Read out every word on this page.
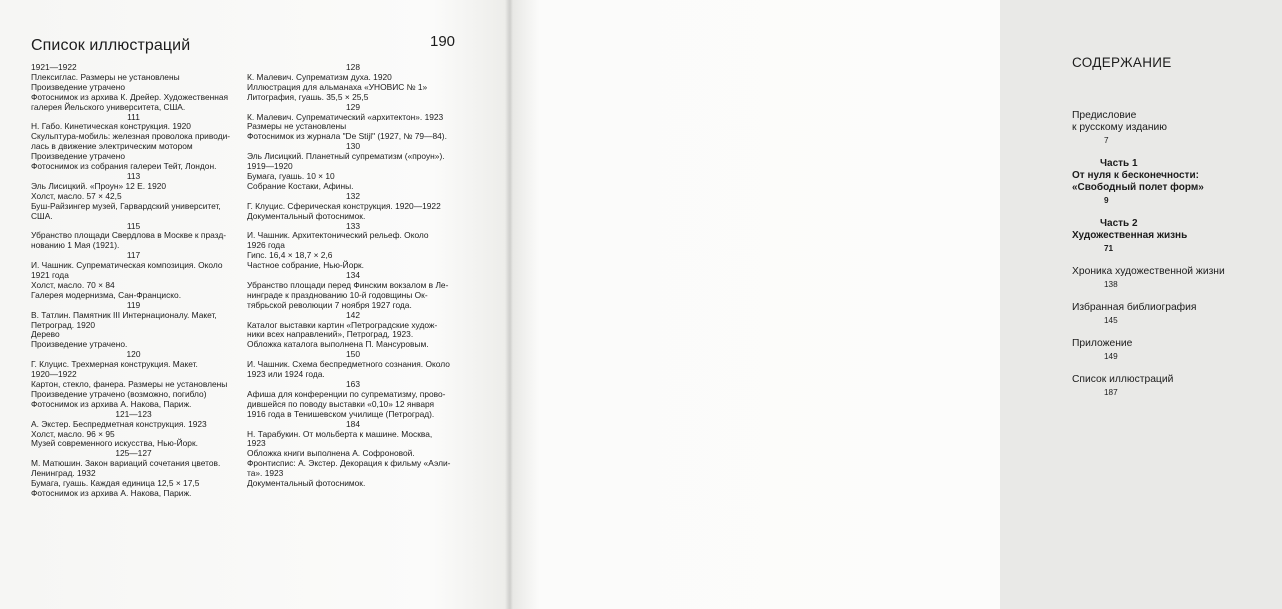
Список иллюстраций	190
1921—1922
Плексиглас. Размеры не установлены
Произведение утрачено
Фотоснимок из архива К. Дрейер. Художественная
галерея Йельского университета, США.
111
Н. Габо. Кинетическая конструкция. 1920
Скульптура-мобиль: железная проволока приводи-
лась в движение электрическим мотором
Произведение утрачено
Фотоснимок из собрания галереи Тейт, Лондон.
113
Эль Лисицкий. «Проун» 12 Е. 1920
Холст, масло. 57 × 42,5
Буш-Райзингер музей, Гарвардский университет,
США.
115
Убранство площади Свердлова в Москве к празд-
нованию 1 Мая (1921).
117
И. Чашник. Супрематическая композиция. Около
1921 года
Холст, масло. 70 × 84
Галерея модернизма, Сан-Франциско.
119
В. Татлин. Памятник III Интернационалу. Макет,
Петроград. 1920
Дерево
Произведение утрачено.
120
Г. Клуцис. Трехмерная конструкция. Макет.
1920—1922
Картон, стекло, фанера. Размеры не установлены
Произведение утрачено (возможно, погибло)
Фотоснимок из архива А. Накова, Париж.
121—123
А. Экстер. Беспредметная конструкция. 1923
Холст, масло. 96 × 95
Музей современного искусства, Нью-Йорк.
125—127
М. Матюшин. Закон вариаций сочетания цветов.
Ленинград. 1932
Бумага, гуашь. Каждая единица 12,5 × 17,5
Фотоснимок из архива А. Накова, Париж.
128
К. Малевич. Супрематизм духа. 1920
Иллюстрация для альманаха «УНОВИС № 1»
Литография, гуашь. 35,5 × 25,5
129
К. Малевич. Супрематический «архитектон». 1923
Размеры не установлены
Фотоснимок из журнала "De Stijl" (1927, № 79—84).
130
Эль Лисицкий. Планетный супрематизм («проун»).
1919—1920
Бумага, гуашь. 10 × 10
Собрание Костаки, Афины.
132
Г. Клуцис. Сферическая конструкция. 1920—1922
Документальный фотоснимок.
133
И. Чашник. Архитектонический рельеф. Около
1926 года
Гипс. 16,4 × 18,7 × 2,6
Частное собрание, Нью-Йорк.
134
Убранство площади перед Финским вокзалом в Ле-
нинграде к празднованию 10-й годовщины Ок-
тябрьской революции 7 ноября 1927 года.
142
Каталог выставки картин «Петроградские худож-
ники всех направлений», Петроград, 1923.
Обложка каталога выполнена П. Мансуровым.
150
И. Чашник. Схема беспредметного сознания. Около
1923 или 1924 года.
163
Афиша для конференции по супрематизму, прово-
дившейся по поводу выставки «0,10» 12 января
1916 года в Тенишевском училище (Петроград).
184
Н. Тарабукин. От мольберта к машине. Москва,
1923
Обложка книги выполнена А. Софроновой.
Фронтиспис: А. Экстер. Декорация к фильму «Аэли-
та». 1923
Документальный фотоснимок.
СОДЕРЖАНИЕ
Предисловие
к русскому изданию
7
Часть 1
От нуля к бесконечности:
«Свободный полет форм»
9
Часть 2
Художественная жизнь
71
Хроника художественной жизни
138
Избранная библиография
145
Приложение
149
Список иллюстраций
187
